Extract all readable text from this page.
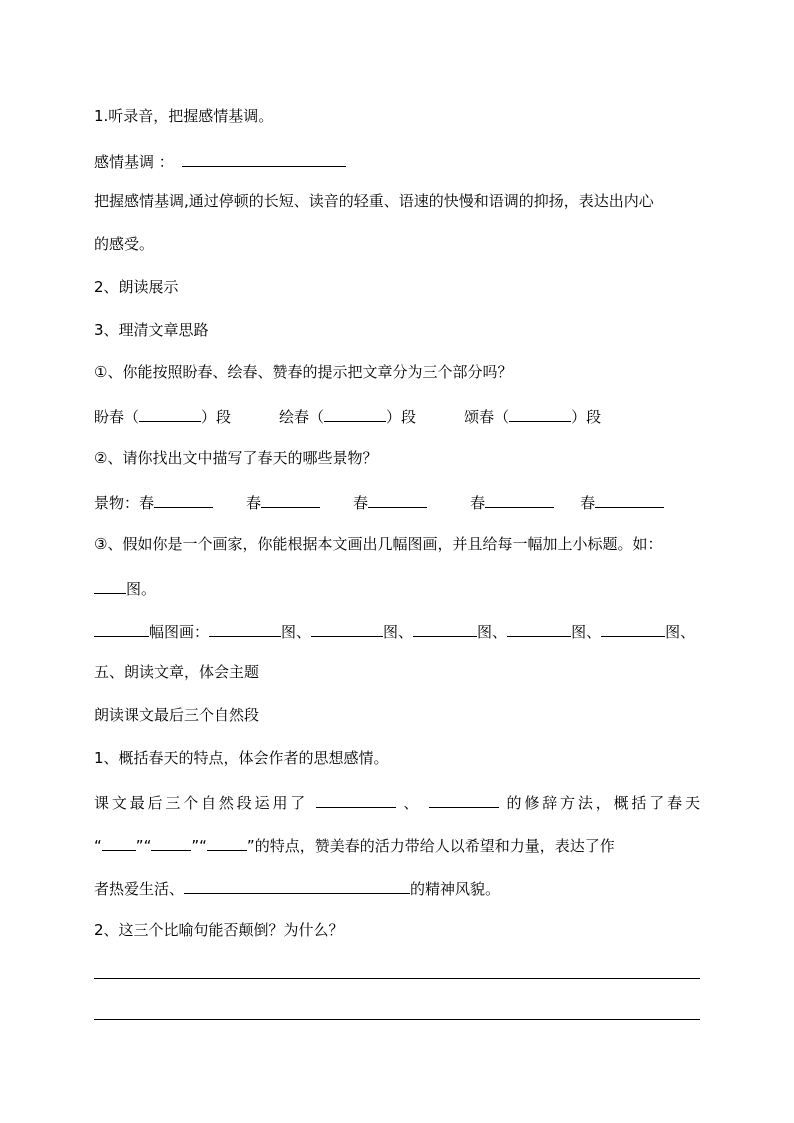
1.听录音，把握感情基调。
感情基调 ：
把握感情基调,通过停顿的长短、读音的轻重、语速的快慢和语调的抑扬，表达出内心
的感受。
2、朗读展示
3、理清文章思路
①、你能按照盼春、绘春、赞春的提示把文章分为三个部分吗？
盼春（	）段	绘春（	）段	颂春（	）段
②、请你找出文中描写了春天的哪些景物？
景物：春	春	春	春	春
③、假如你是一个画家，你能根据本文画出几幅图画，并且给每一幅加上小标题。如：
图。
幅图画：	图、	图、	图、	图、	图、
五、朗读文章，体会主题
朗读课文最后三个自然段
1、概括春天的特点，体会作者的思想感情。
课文最后三个自然段运用了	、	的修辞方法，概括了春天
“ ”“	”“	”的特点，赞美春的活力带给人以希望和力量，表达了作
者热爱生活、	的精神风貌。
2、这三个比喻句能否颠倒？为什么？
